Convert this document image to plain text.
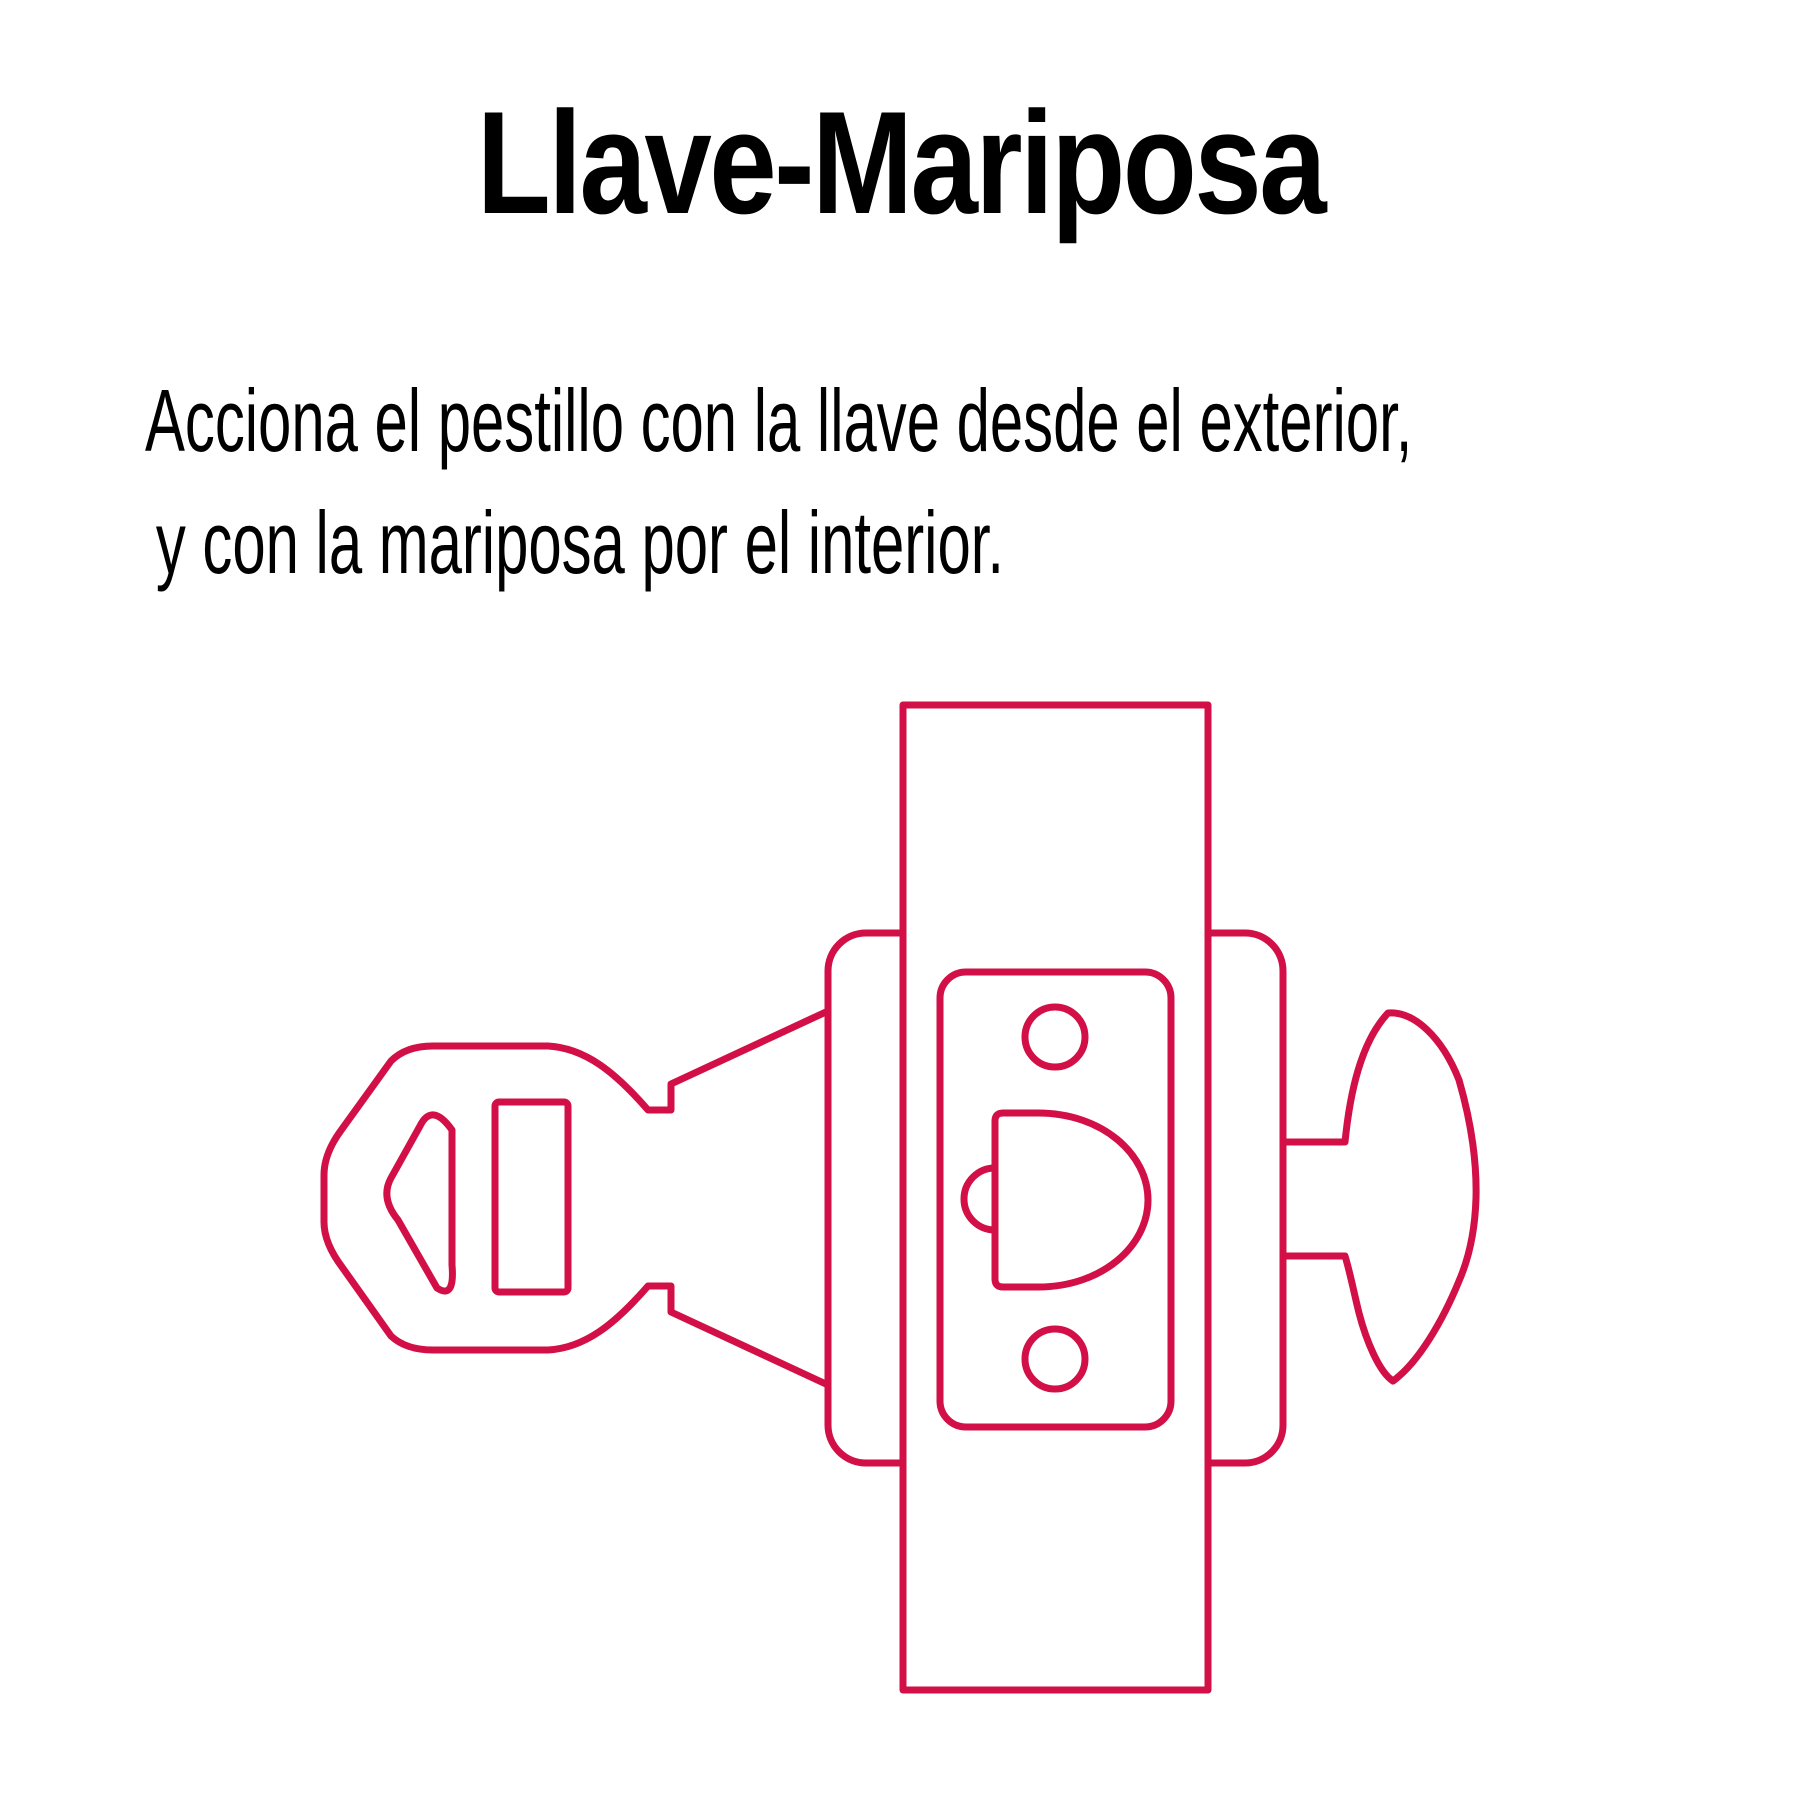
Llave-Mariposa
Acciona el pestillo con la llave desde el exterior,
y con la mariposa por el interior.
